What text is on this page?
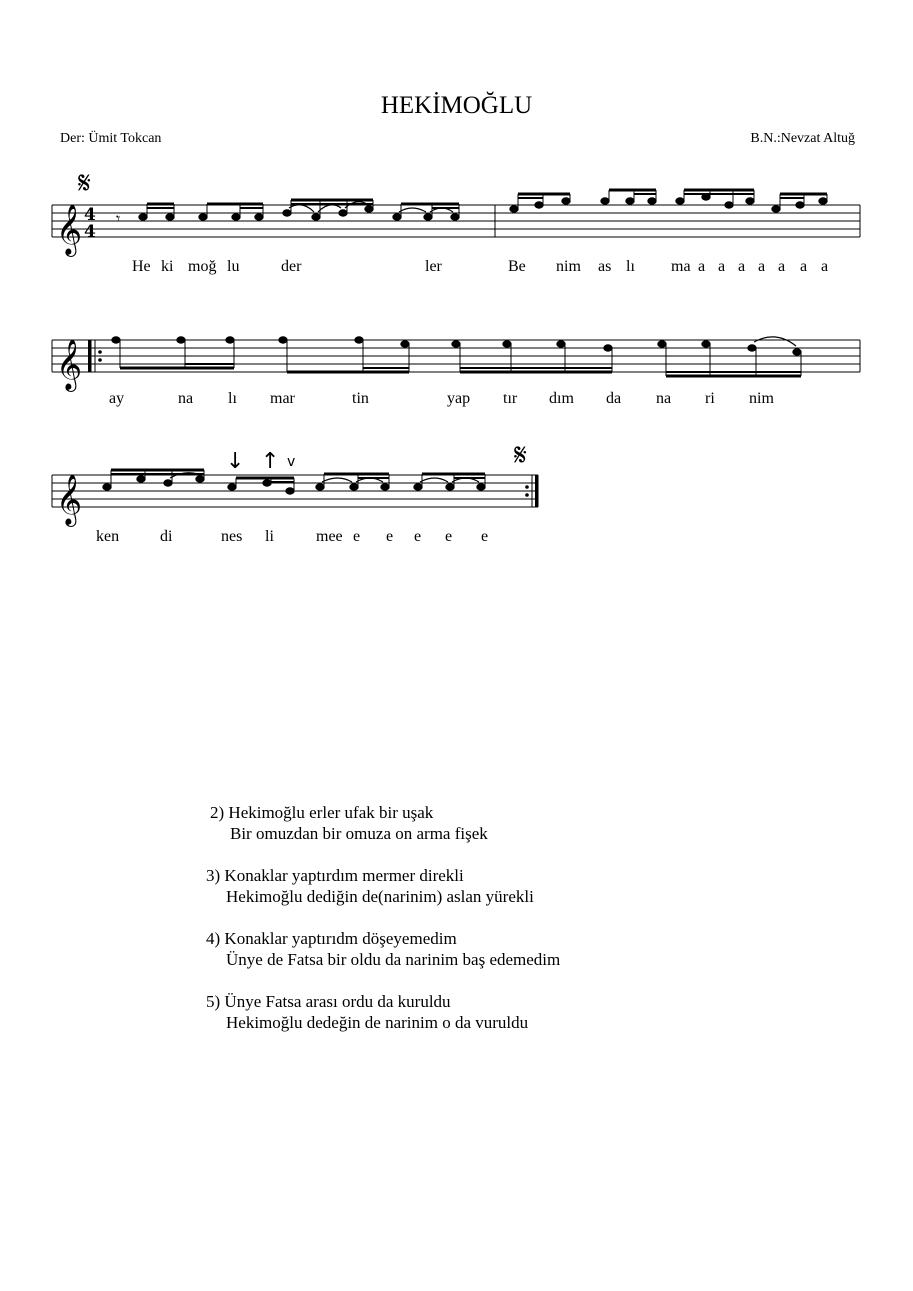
HEKİMOĞLU
Der: Ümit Tokcan	B.N.:Nevzat Altuğ
𝄋
𝄞 4
4
𝄾
He ki moğ lu	der	ler	Be nim as lı ma a a a a a a a
𝄞
ay	na lı mar	tin	yap tır dım da na ri nim
𝄞
↓ ↑ v	𝄋
ken	di	nes li	mee e e e e e
2) Hekimoğlu erler ufak bir uşak
Bir omuzdan bir omuza on arma fişek
3) Konaklar yaptırdım mermer direkli
Hekimoğlu dediğin de(narinim) aslan yürekli
4) Konaklar yaptırıdm döşeyemedim
Ünye de Fatsa bir oldu da narinim baş edemedim
5) Ünye Fatsa arası ordu da kuruldu
Hekimoğlu dedeğin de narinim o da vuruldu
